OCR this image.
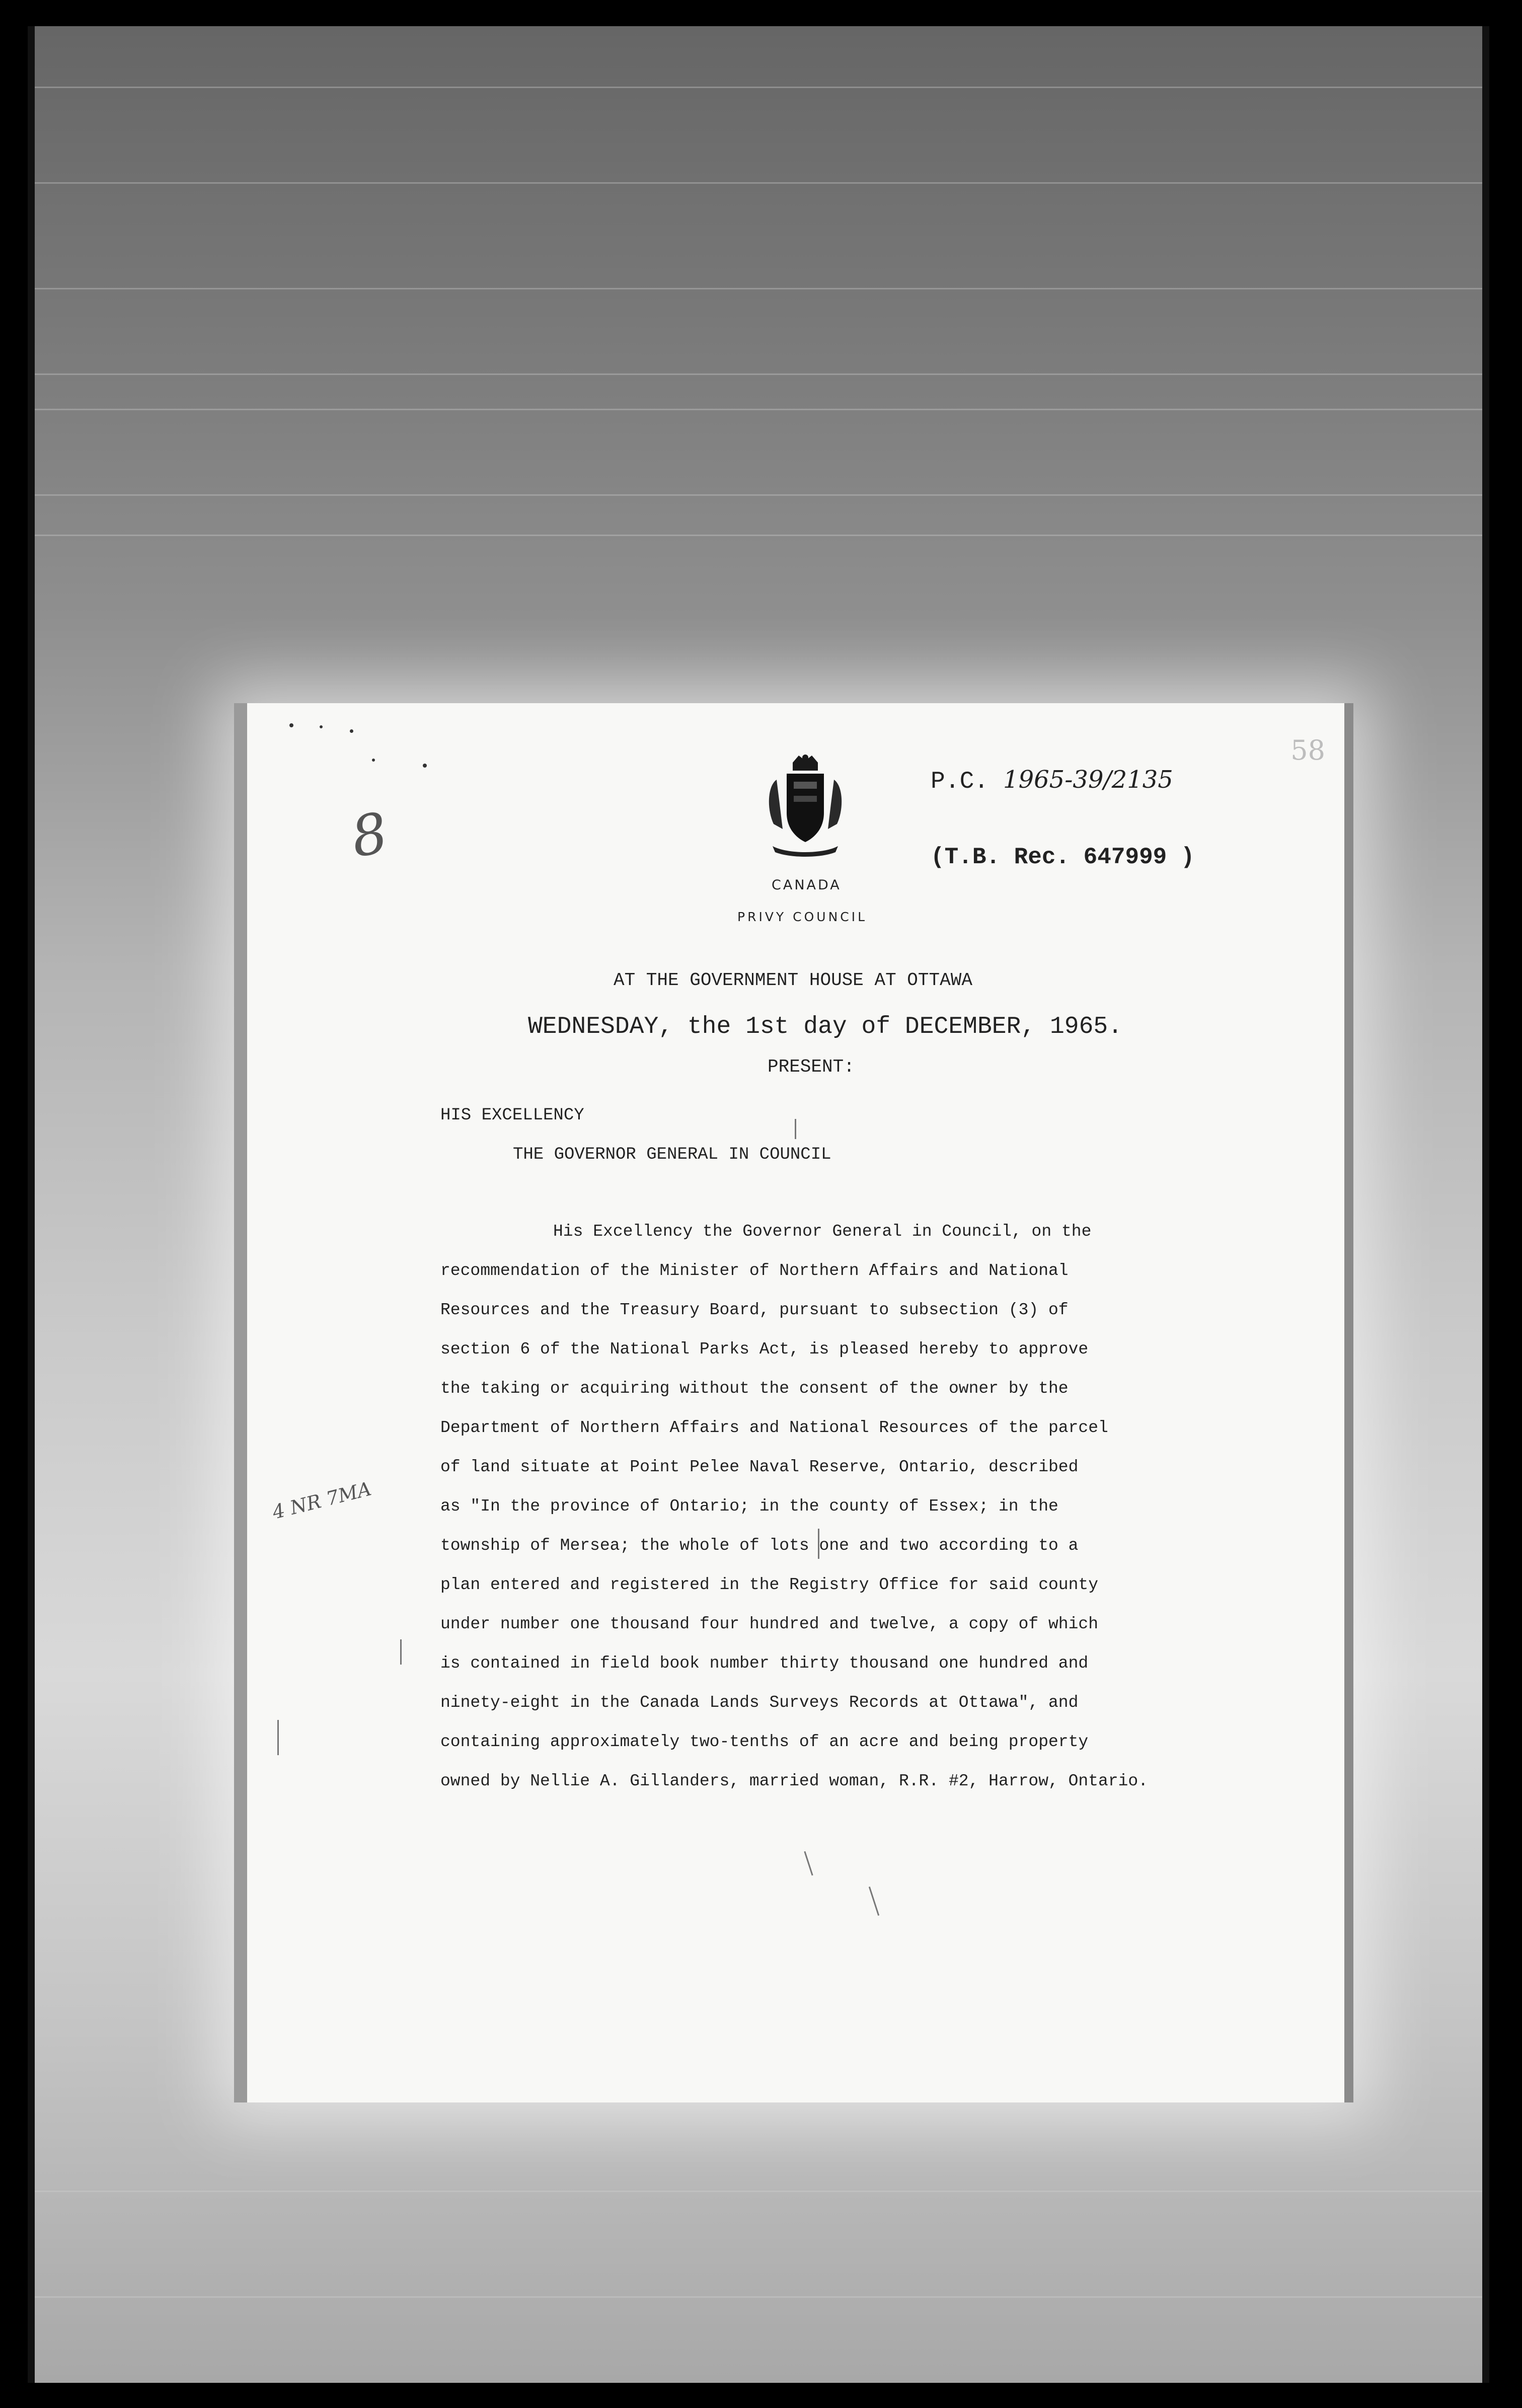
8
CANADA
PRIVY COUNCIL
P.C. 1965-39/2135
(T.B. Rec. 647999 )
58
AT THE GOVERNMENT HOUSE AT OTTAWA
WEDNESDAY, the 1st day of DECEMBER, 1965.
PRESENT:
HIS EXCELLENCY
THE GOVERNOR GENERAL IN COUNCIL
4 NR 7MA
His Excellency the Governor General in Council, on the
recommendation of the Minister of Northern Affairs and National
Resources and the Treasury Board, pursuant to subsection (3) of
section 6 of the National Parks Act, is pleased hereby to approve
the taking or acquiring without the consent of the owner by the
Department of Northern Affairs and National Resources of the parcel
of land situate at Point Pelee Naval Reserve, Ontario, described
as "In the province of Ontario; in the county of Essex; in the
township of Mersea; the whole of lots one and two according to a
plan entered and registered in the Registry Office for said county
under number one thousand four hundred and twelve, a copy of which
is contained in field book number thirty thousand one hundred and
ninety-eight in the Canada Lands Surveys Records at Ottawa", and
containing approximately two-tenths of an acre and being property
owned by Nellie A. Gillanders, married woman, R.R. #2, Harrow, Ontario.
